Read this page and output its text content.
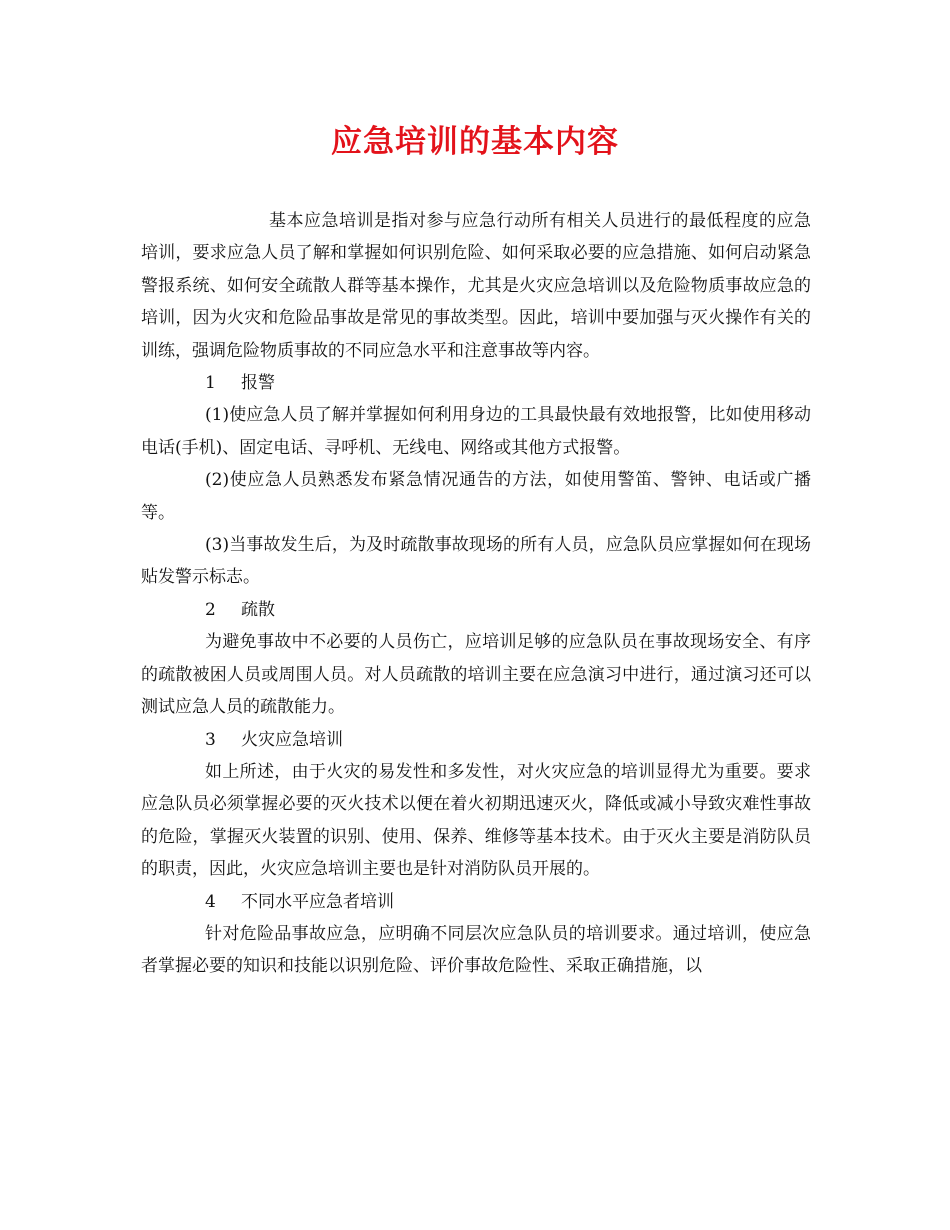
应急培训的基本内容

基本应急培训是指对参与应急行动所有相关人员进行的最低程度的应急培训，要求应急人员了解和掌握如何识别危险、如何采取必要的应急措施、如何启动紧急警报系统、如何安全疏散人群等基本操作，尤其是火灾应急培训以及危险物质事故应急的培训，因为火灾和危险品事故是常见的事故类型。因此，培训中要加强与灭火操作有关的训练，强调危险物质事故的不同应急水平和注意事故等内容。

1 报警

(1)使应急人员了解并掌握如何利用身边的工具最快最有效地报警，比如使用移动电话(手机)、固定电话、寻呼机、无线电、网络或其他方式报警。

(2)使应急人员熟悉发布紧急情况通告的方法，如使用警笛、警钟、电话或广播等。

(3)当事故发生后，为及时疏散事故现场的所有人员，应急队员应掌握如何在现场贴发警示标志。

2 疏散

为避免事故中不必要的人员伤亡，应培训足够的应急队员在事故现场安全、有序的疏散被困人员或周围人员。对人员疏散的培训主要在应急演习中进行，通过演习还可以测试应急人员的疏散能力。

3 火灾应急培训

如上所述，由于火灾的易发性和多发性，对火灾应急的培训显得尤为重要。要求应急队员必须掌握必要的灭火技术以便在着火初期迅速灭火，降低或减小导致灾难性事故的危险，掌握灭火装置的识别、使用、保养、维修等基本技术。由于灭火主要是消防队员的职责，因此，火灾应急培训主要也是针对消防队员开展的。

4 不同水平应急者培训

针对危险品事故应急，应明确不同层次应急队员的培训要求。通过培训，使应急者掌握必要的知识和技能以识别危险、评价事故危险性、采取正确措施，以
